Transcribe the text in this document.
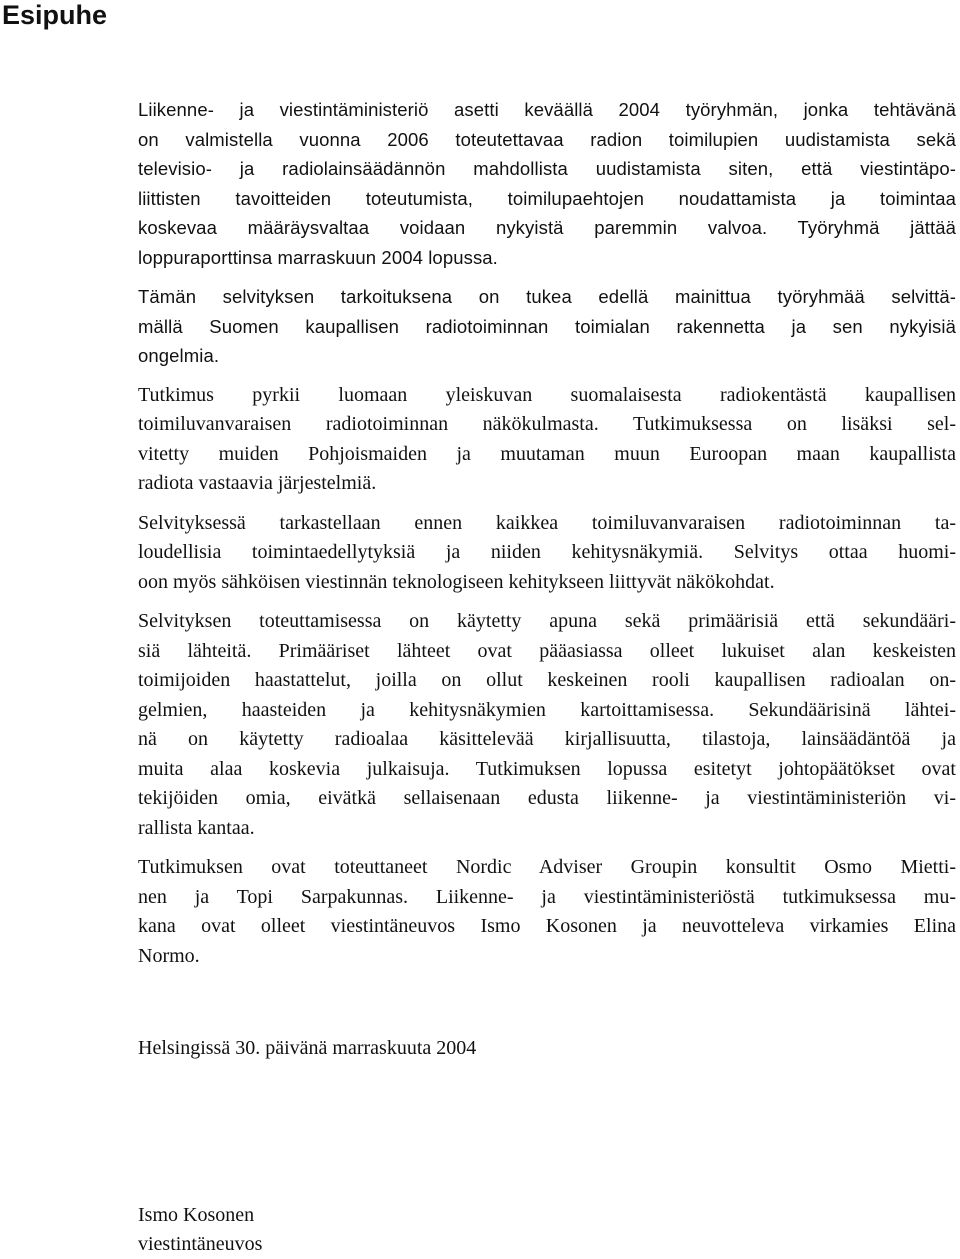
Esipuhe

Liikenne- ja viestintäministeriö asetti keväällä 2004 työryhmän, jonka tehtävänä
on valmistella vuonna 2006 toteutettavaa radion toimilupien uudistamista sekä
televisio- ja radiolainsäädännön mahdollista uudistamista siten, että viestintäpo-
liittisten tavoitteiden toteutumista, toimilupaehtojen noudattamista ja toimintaa
koskevaa määräysvaltaa voidaan nykyistä paremmin valvoa. Työryhmä jättää
loppuraporttinsa marraskuun 2004 lopussa.

Tämän selvityksen tarkoituksena on tukea edellä mainittua työryhmää selvittä-
mällä Suomen kaupallisen radiotoiminnan toimialan rakennetta ja sen nykyisiä
ongelmia.

Tutkimus pyrkii luomaan yleiskuvan suomalaisesta radiokentästä kaupallisen
toimiluvanvaraisen radiotoiminnan näkökulmasta. Tutkimuksessa on lisäksi sel-
vitetty muiden Pohjoismaiden ja muutaman muun Euroopan maan kaupallista
radiota vastaavia järjestelmiä.

Selvityksessä tarkastellaan ennen kaikkea toimiluvanvaraisen radiotoiminnan ta-
loudellisia toimintaedellytyksiä ja niiden kehitysnäkymiä. Selvitys ottaa huomi-
oon myös sähköisen viestinnän teknologiseen kehitykseen liittyvät näkökohdat.

Selvityksen toteuttamisessa on käytetty apuna sekä primäärisiä että sekundääri-
siä lähteitä. Primääriset lähteet ovat pääasiassa olleet lukuiset alan keskeisten
toimijoiden haastattelut, joilla on ollut keskeinen rooli kaupallisen radioalan on-
gelmien, haasteiden ja kehitysnäkymien kartoittamisessa. Sekundäärisinä lähtei-
nä on käytetty radioalaa käsittelevää kirjallisuutta, tilastoja, lainsäädäntöä ja
muita alaa koskevia julkaisuja. Tutkimuksen lopussa esitetyt johtopäätökset ovat
tekijöiden omia, eivätkä sellaisenaan edusta liikenne- ja viestintäministeriön vi-
rallista kantaa.

Tutkimuksen ovat toteuttaneet Nordic Adviser Groupin konsultit Osmo Mietti-
nen ja Topi Sarpakunnas. Liikenne- ja viestintäministeriöstä tutkimuksessa mu-
kana ovat olleet viestintäneuvos Ismo Kosonen ja neuvotteleva virkamies Elina
Normo.

Helsingissä 30. päivänä marraskuuta 2004

Ismo Kosonen
viestintäneuvos
